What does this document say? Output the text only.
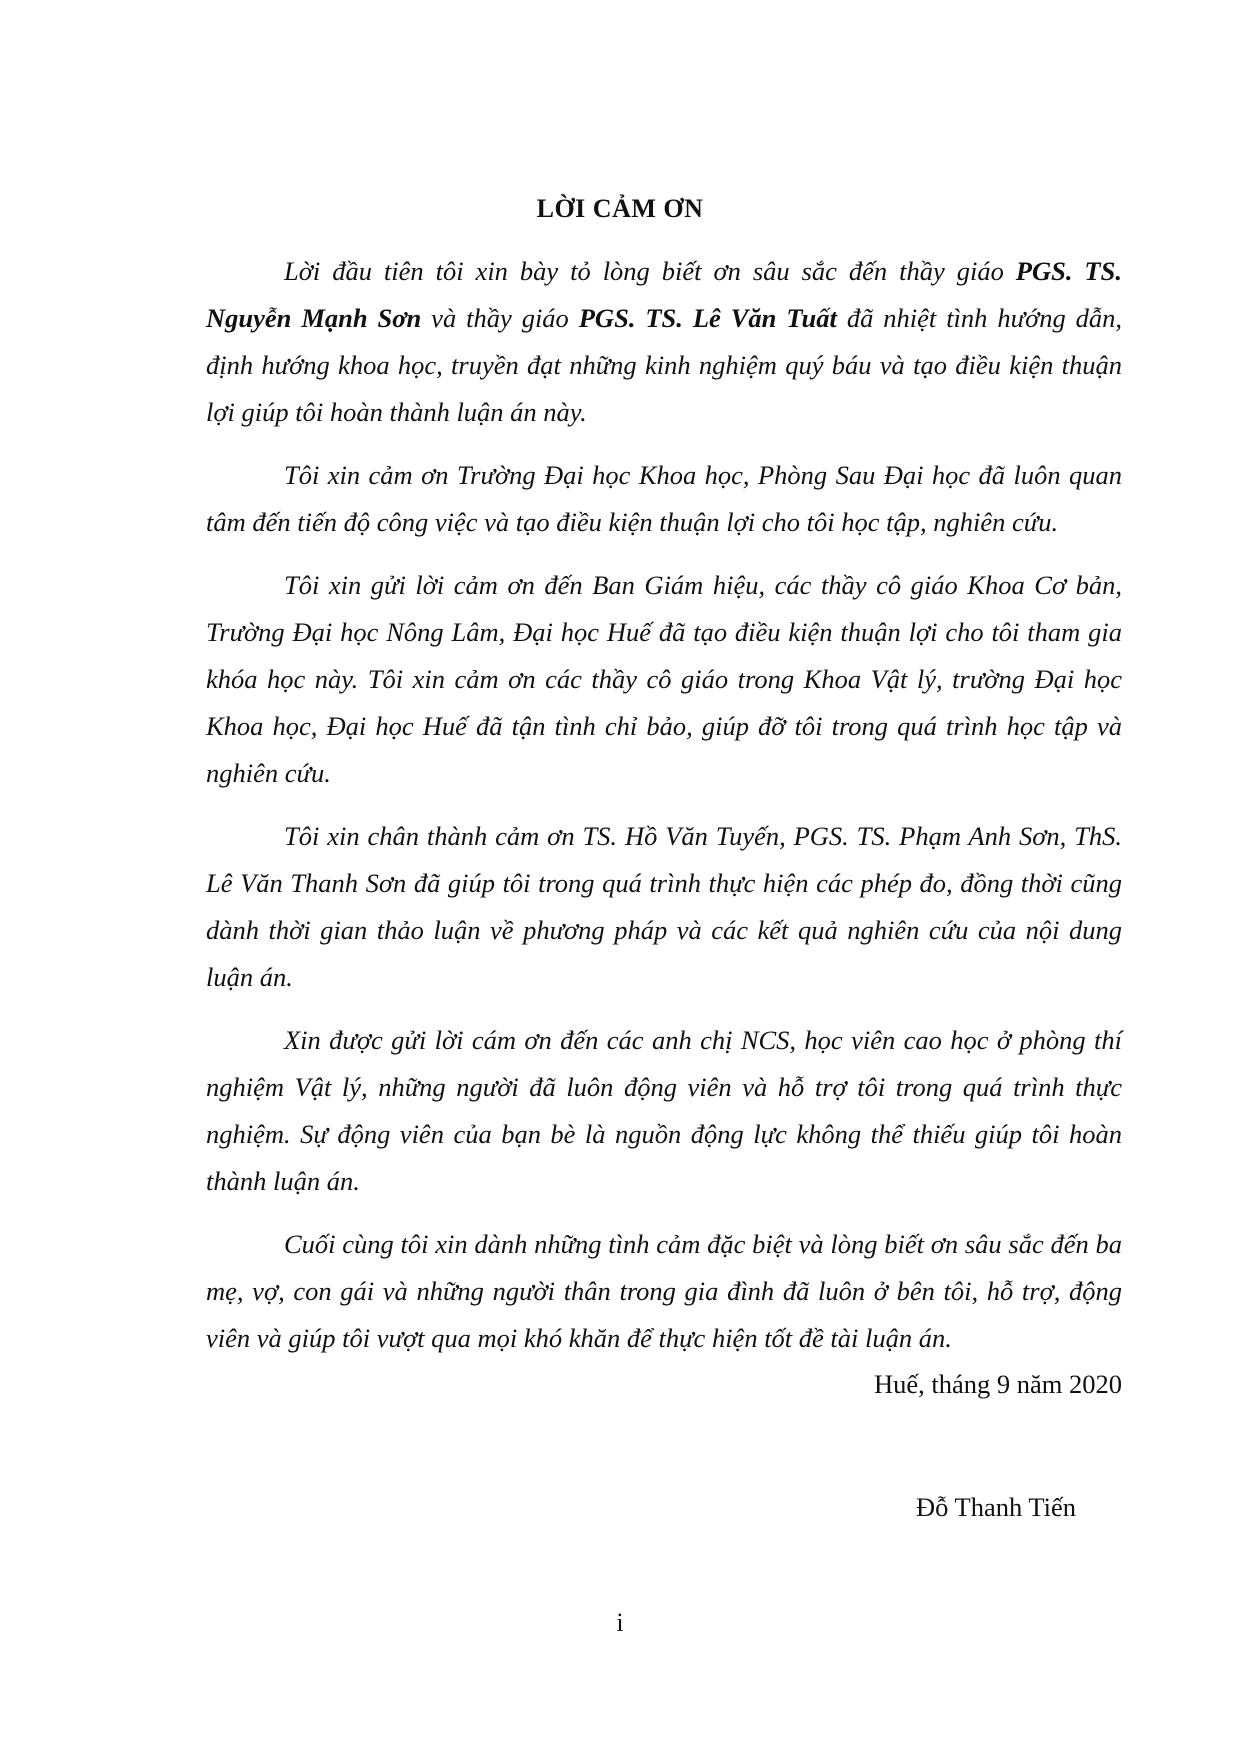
LỜI CẢM ƠN

Lời đầu tiên tôi xin bày tỏ lòng biết ơn sâu sắc đến thầy giáo PGS. TS. Nguyễn Mạnh Sơn và thầy giáo PGS. TS. Lê Văn Tuất đã nhiệt tình hướng dẫn, định hướng khoa học, truyền đạt những kinh nghiệm quý báu và tạo điều kiện thuận lợi giúp tôi hoàn thành luận án này.

Tôi xin cảm ơn Trường Đại học Khoa học, Phòng Sau Đại học đã luôn quan tâm đến tiến độ công việc và tạo điều kiện thuận lợi cho tôi học tập, nghiên cứu.

Tôi xin gửi lời cảm ơn đến Ban Giám hiệu, các thầy cô giáo Khoa Cơ bản, Trường Đại học Nông Lâm, Đại học Huế đã tạo điều kiện thuận lợi cho tôi tham gia khóa học này. Tôi xin cảm ơn các thầy cô giáo trong Khoa Vật lý, trường Đại học Khoa học, Đại học Huế đã tận tình chỉ bảo, giúp đỡ tôi trong quá trình học tập và nghiên cứu.

Tôi xin chân thành cảm ơn TS. Hồ Văn Tuyến, PGS. TS. Phạm Anh Sơn, ThS. Lê Văn Thanh Sơn đã giúp tôi trong quá trình thực hiện các phép đo, đồng thời cũng dành thời gian thảo luận về phương pháp và các kết quả nghiên cứu của nội dung luận án.

Xin được gửi lời cám ơn đến các anh chị NCS, học viên cao học ở phòng thí nghiệm Vật lý, những người đã luôn động viên và hỗ trợ tôi trong quá trình thực nghiệm. Sự động viên của bạn bè là nguồn động lực không thể thiếu giúp tôi hoàn thành luận án.

Cuối cùng tôi xin dành những tình cảm đặc biệt và lòng biết ơn sâu sắc đến ba mẹ, vợ, con gái và những người thân trong gia đình đã luôn ở bên tôi, hỗ trợ, động viên và giúp tôi vượt qua mọi khó khăn để thực hiện tốt đề tài luận án.

Huế, tháng 9 năm 2020
Đỗ Thanh Tiến
i
